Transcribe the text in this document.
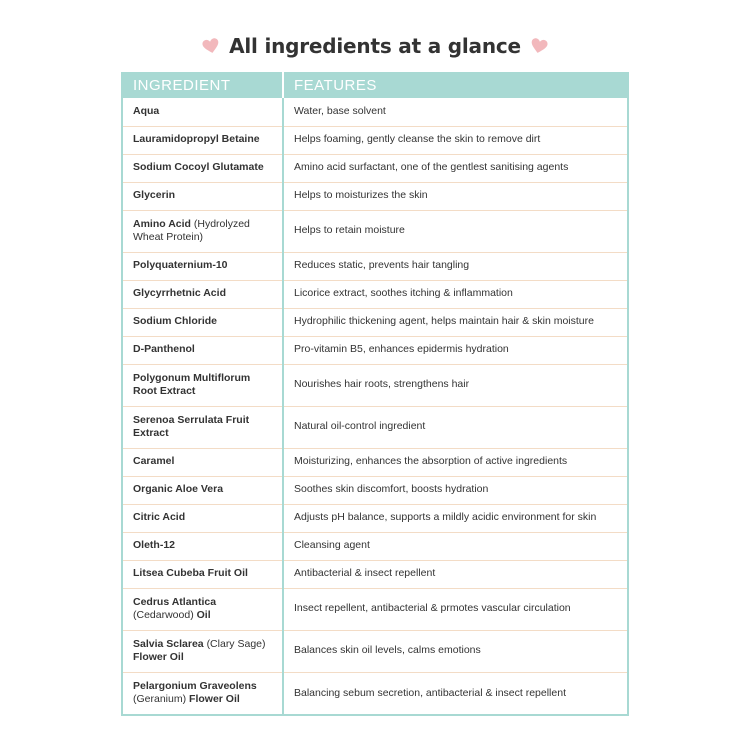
All ingredients at a glance
INGREDIENT	FEATURES
Aqua	Water, base solvent
Lauramidopropyl Betaine	Helps foaming, gently cleanse the skin to remove dirt
Sodium Cocoyl Glutamate	Amino acid surfactant, one of the gentlest sanitising agents
Glycerin	Helps to moisturizes the skin
Amino Acid (Hydrolyzed Wheat Protein)	Helps to retain moisture
Polyquaternium-10	Reduces static, prevents hair tangling
Glycyrrhetnic Acid	Licorice extract, soothes itching & inflammation
Sodium Chloride	Hydrophilic thickening agent, helps maintain hair & skin moisture
D-Panthenol	Pro-vitamin B5, enhances epidermis hydration
Polygonum Multiflorum Root Extract	Nourishes hair roots, strengthens hair
Serenoa Serrulata Fruit Extract	Natural oil-control ingredient
Caramel	Moisturizing, enhances the absorption of active ingredients
Organic Aloe Vera	Soothes skin discomfort, boosts hydration
Citric Acid	Adjusts pH balance, supports a mildly acidic environment for skin
Oleth-12	Cleansing agent
Litsea Cubeba Fruit Oil	Antibacterial & insect repellent
Cedrus Atlantica (Cedarwood) Oil	Insect repellent, antibacterial & prmotes vascular circulation
Salvia Sclarea (Clary Sage) Flower Oil	Balances skin oil levels, calms emotions
Pelargonium Graveolens (Geranium) Flower Oil	Balancing sebum secretion, antibacterial & insect repellent
